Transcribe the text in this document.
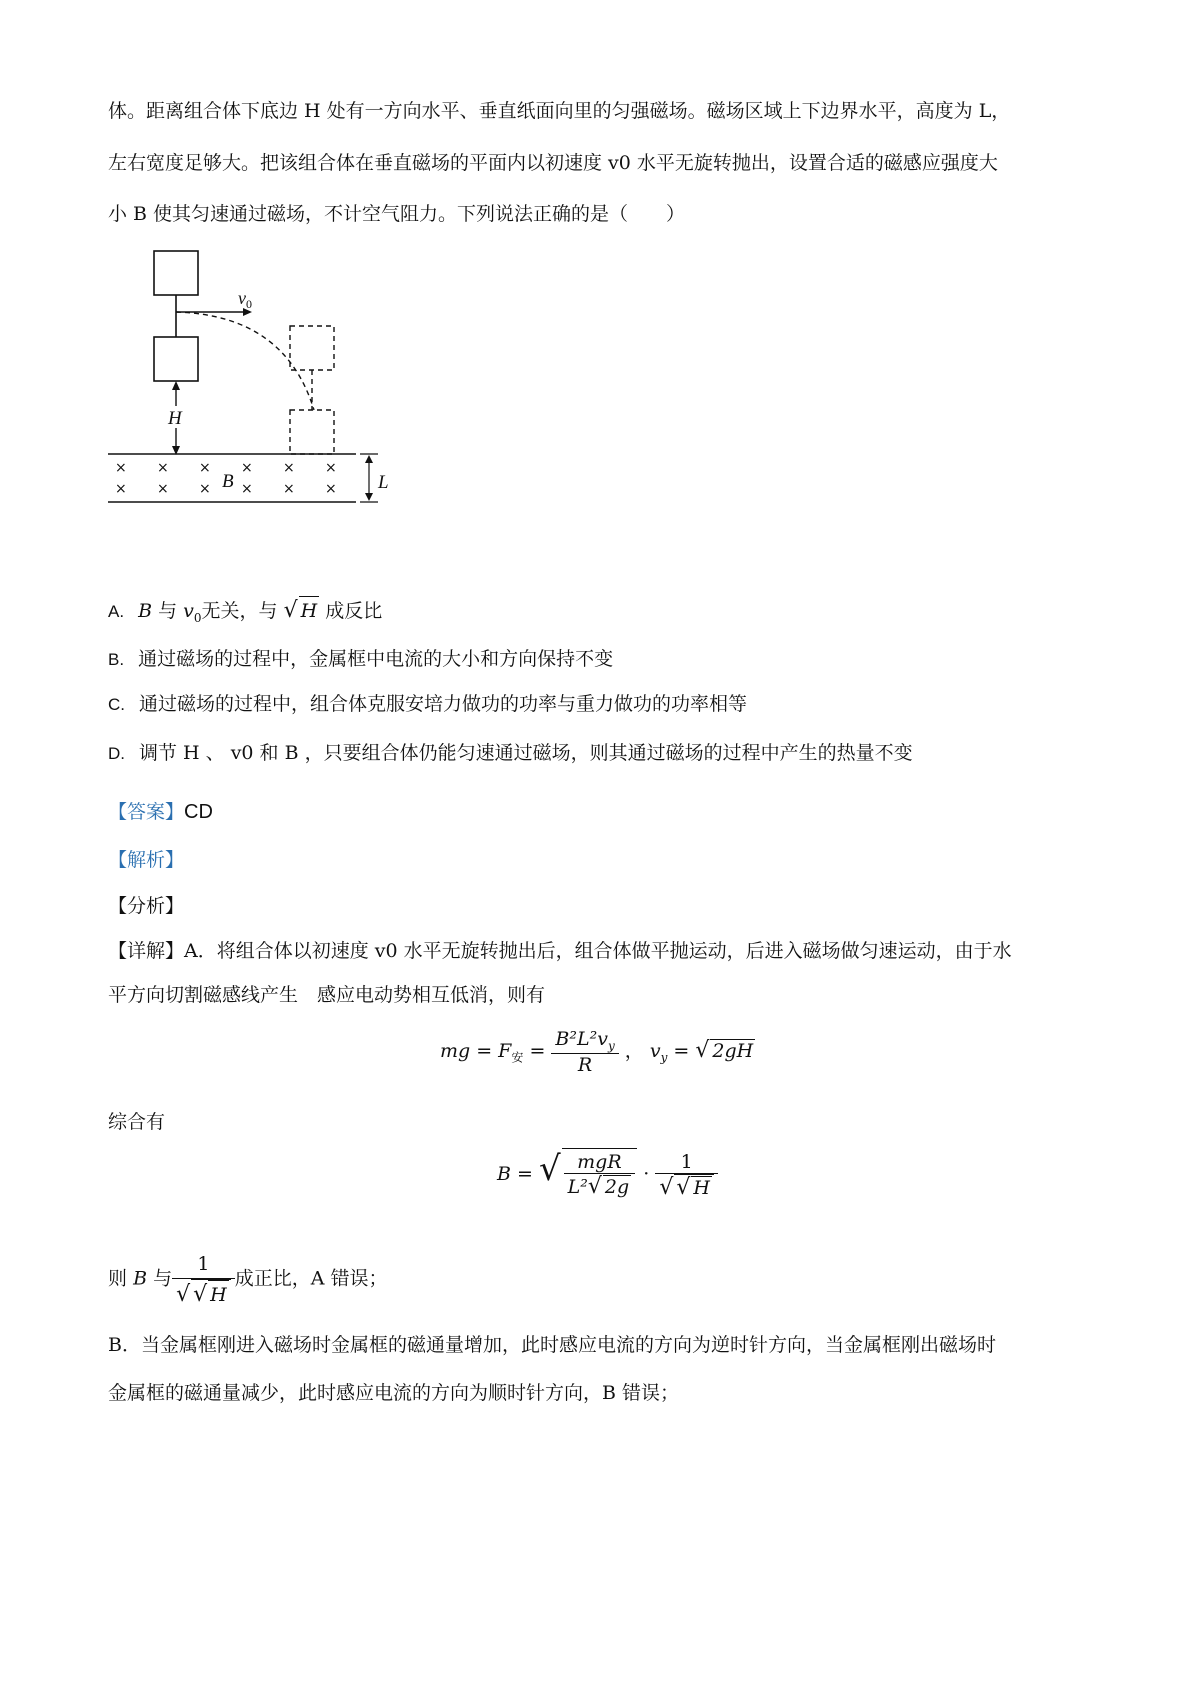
体。距离组合体下底边 H 处有一方向水平、垂直纸面向里的匀强磁场。磁场区域上下边界水平，高度为 L，
左右宽度足够大。把该组合体在垂直磁场的平面内以初速度 v0 水平无旋转抛出，设置合适的磁感应强度大
小 B 使其匀速通过磁场，不计空气阻力。下列说法正确的是（　　）
$v_0$
H
× × × × × ×
× × × × × ×
B	L
A. B 与 $v_0$无关，与 √ H 成反比
B. 通过磁场的过程中，金属框中电流的大小和方向保持不变
C. 通过磁场的过程中，组合体克服安培力做功的功率与重力做功的功率相等
D. 调节 H 、 v0 和 B ，只要组合体仍能匀速通过磁场，则其通过磁场的过程中产生的热量不变
【答案】CD
【解析】
【分析】
【详解】A．将组合体以初速度 v0 水平无旋转抛出后，组合体做平抛运动，后进入磁场做匀速运动，由于水
平方向切割磁感线产生　感应电动势相互低消，则有
mg = $F_安 = \frac{B^2L^2v_y}{R}$ ， $v_y$ = √ 2gH
综合有
B = √ $\frac{\text{mgR}}{\text{L²√ 2g}} \cdot \frac{1}{√ √ H}$
则 B 与 $\frac{1}{√ √ H}$ 成正比，A 错误；
B．当金属框刚进入磁场时金属框的磁通量增加，此时感应电流的方向为逆时针方向，当金属框刚出磁场时
金属框的磁通量减少，此时感应电流的方向为顺时针方向，B 错误；
